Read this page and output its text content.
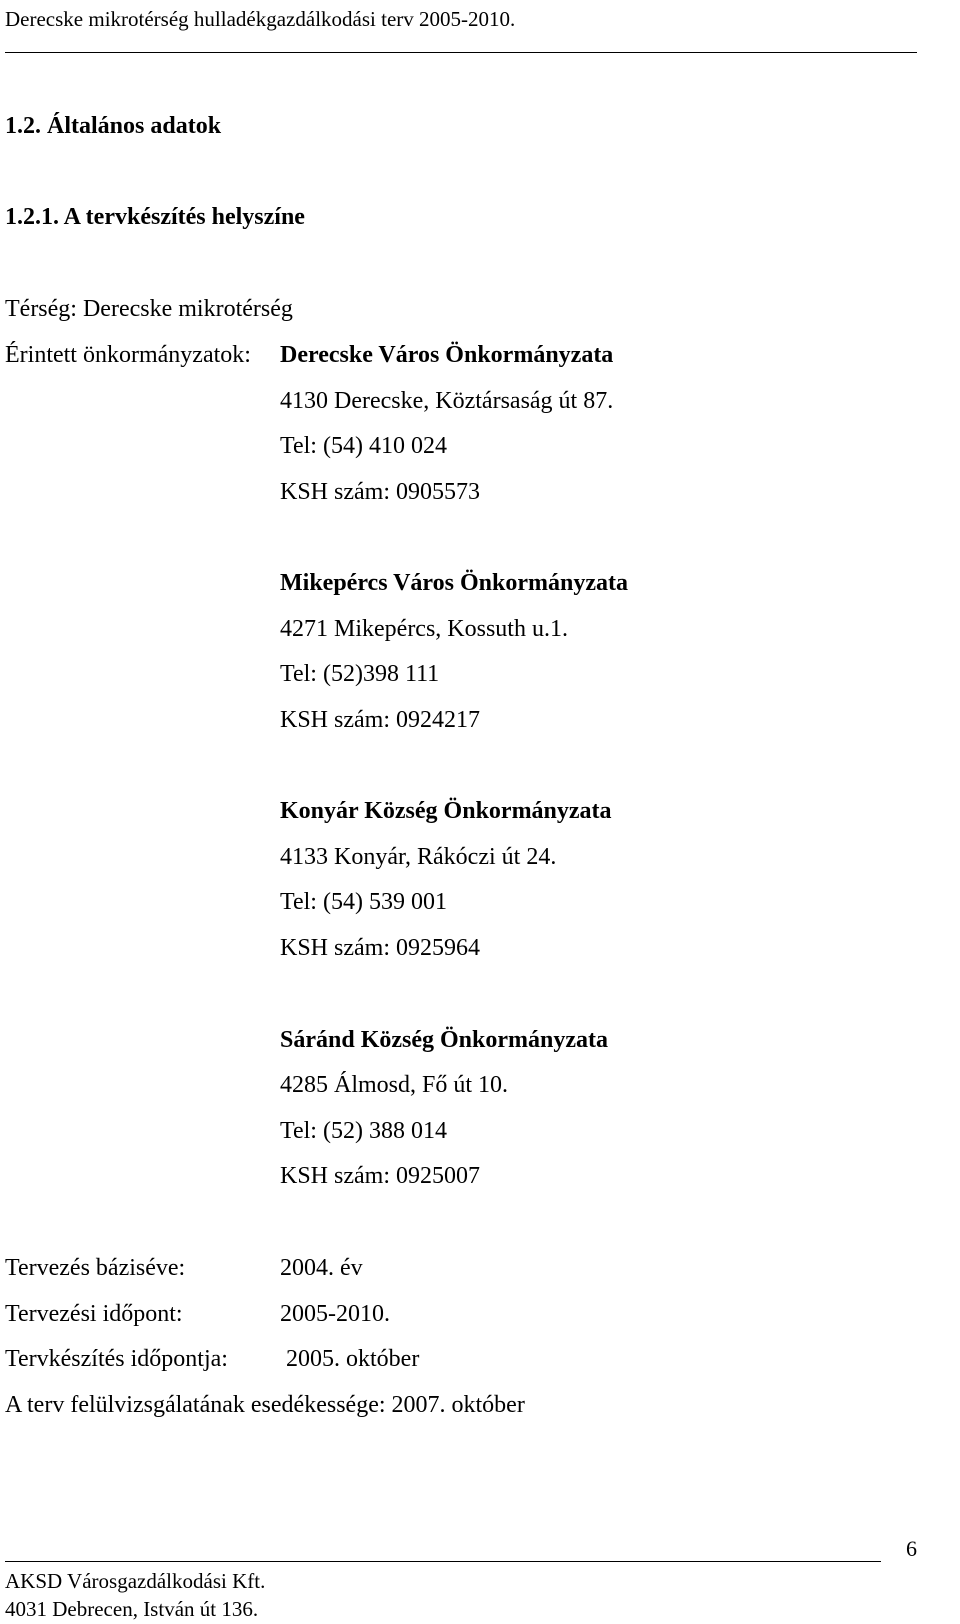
Derecske mikrotérség hulladékgazdálkodási terv 2005-2010.
1.2. Általános adatok
1.2.1. A tervkészítés helyszíne
Térség: Derecske mikrotérség
Érintett önkormányzatok: Derecske Város Önkormányzata
4130 Derecske, Köztársaság út 87.
Tel: (54) 410 024
KSH szám: 0905573
Mikepércs Város Önkormányzata
4271 Mikepércs, Kossuth u.1.
Tel: (52)398 111
KSH szám: 0924217
Konyár Község Önkormányzata
4133 Konyár, Rákóczi út 24.
Tel: (54) 539 001
KSH szám: 0925964
Sáránd Község Önkormányzata
4285 Álmosd, Fő út 10.
Tel: (52) 388 014
KSH szám: 0925007
Tervezés báziséve:	2004. év
Tervezési időpont:	2005-2010.
Tervkészítés időpontja: 2005. október
A terv felülvizsgálatának esedékessége: 2007. október
6
AKSD Városgazdálkodási Kft.
4031 Debrecen, István út 136.
